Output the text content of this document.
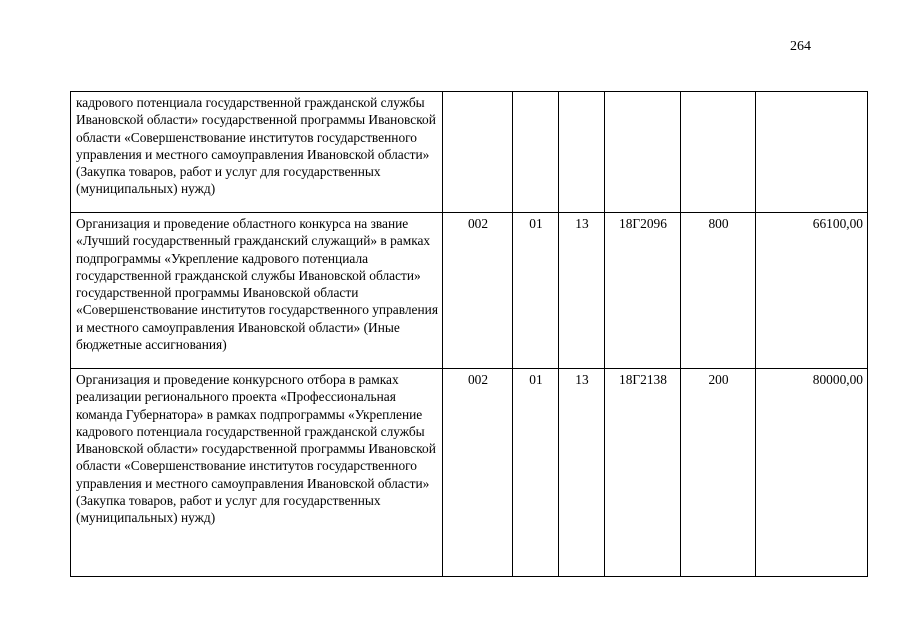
264
кадрового потенциала государственной гражданской службы Ивановской области» государственной программы Ивановской области «Совершенствование институтов государственного управления и местного самоуправления Ивановской области» (Закупка товаров, работ и услуг для государственных (муниципальных) нужд)						
Организация и проведение областного конкурса на звание «Лучший государственный гражданский служащий» в рамках подпрограммы «Укрепление кадрового потенциала государственной гражданской службы Ивановской области» государственной программы Ивановской области «Совершенствование институтов государственного управления и местного самоуправления Ивановской области» (Иные бюджетные ассигнования)	002	01	13	18Г2096	800	66100,00
Организация и проведение конкурсного отбора в рамках реализации регионального проекта «Профессиональная команда Губернатора» в рамках подпрограммы «Укрепление кадрового потенциала государственной гражданской службы Ивановской области» государственной программы Ивановской области «Совершенствование институтов государственного управления и местного самоуправления Ивановской области» (Закупка товаров, работ и услуг для государственных (муниципальных) нужд)	002	01	13	18Г2138	200	80000,00
